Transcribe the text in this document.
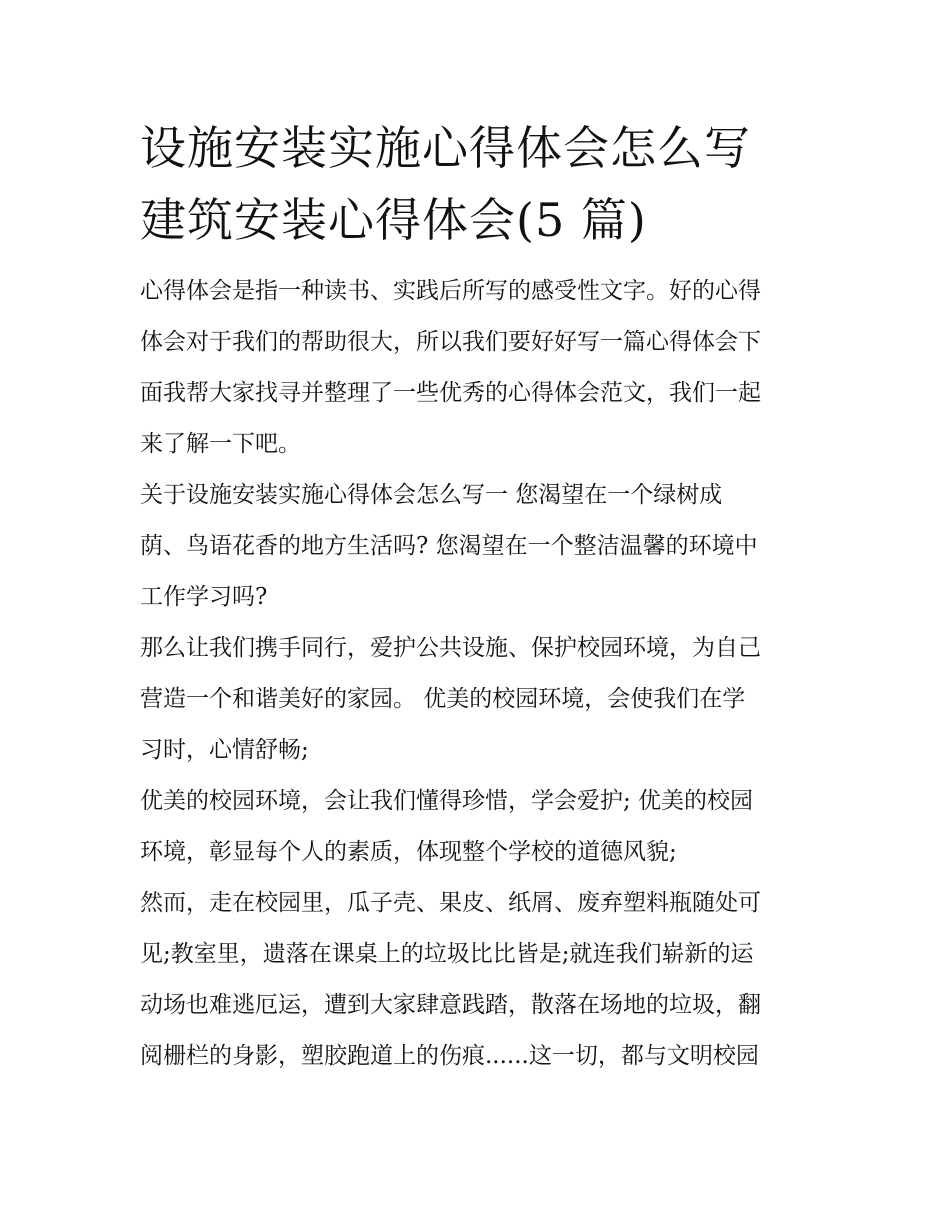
设施安装实施心得体会怎么写
建筑安装心得体会(5 篇)
心得体会是指一种读书、实践后所写的感受性文字。好的心得
体会对于我们的帮助很大，所以我们要好好写一篇心得体会下
面我帮大家找寻并整理了一些优秀的心得体会范文，我们一起
来了解一下吧。
关于设施安装实施心得体会怎么写一 您渴望在一个绿树成
荫、鸟语花香的地方生活吗? 您渴望在一个整洁温馨的环境中
工作学习吗?
那么让我们携手同行，爱护公共设施、保护校园环境，为自己
营造一个和谐美好的家园。 优美的校园环境，会使我们在学
习时，心情舒畅;
优美的校园环境，会让我们懂得珍惜，学会爱护; 优美的校园
环境，彰显每个人的素质，体现整个学校的道德风貌;
然而，走在校园里，瓜子壳、果皮、纸屑、废弃塑料瓶随处可
见;教室里，遗落在课桌上的垃圾比比皆是;就连我们崭新的运
动场也难逃厄运，遭到大家肆意践踏，散落在场地的垃圾，翻
阅栅栏的身影，塑胶跑道上的伤痕......这一切，都与文明校园
